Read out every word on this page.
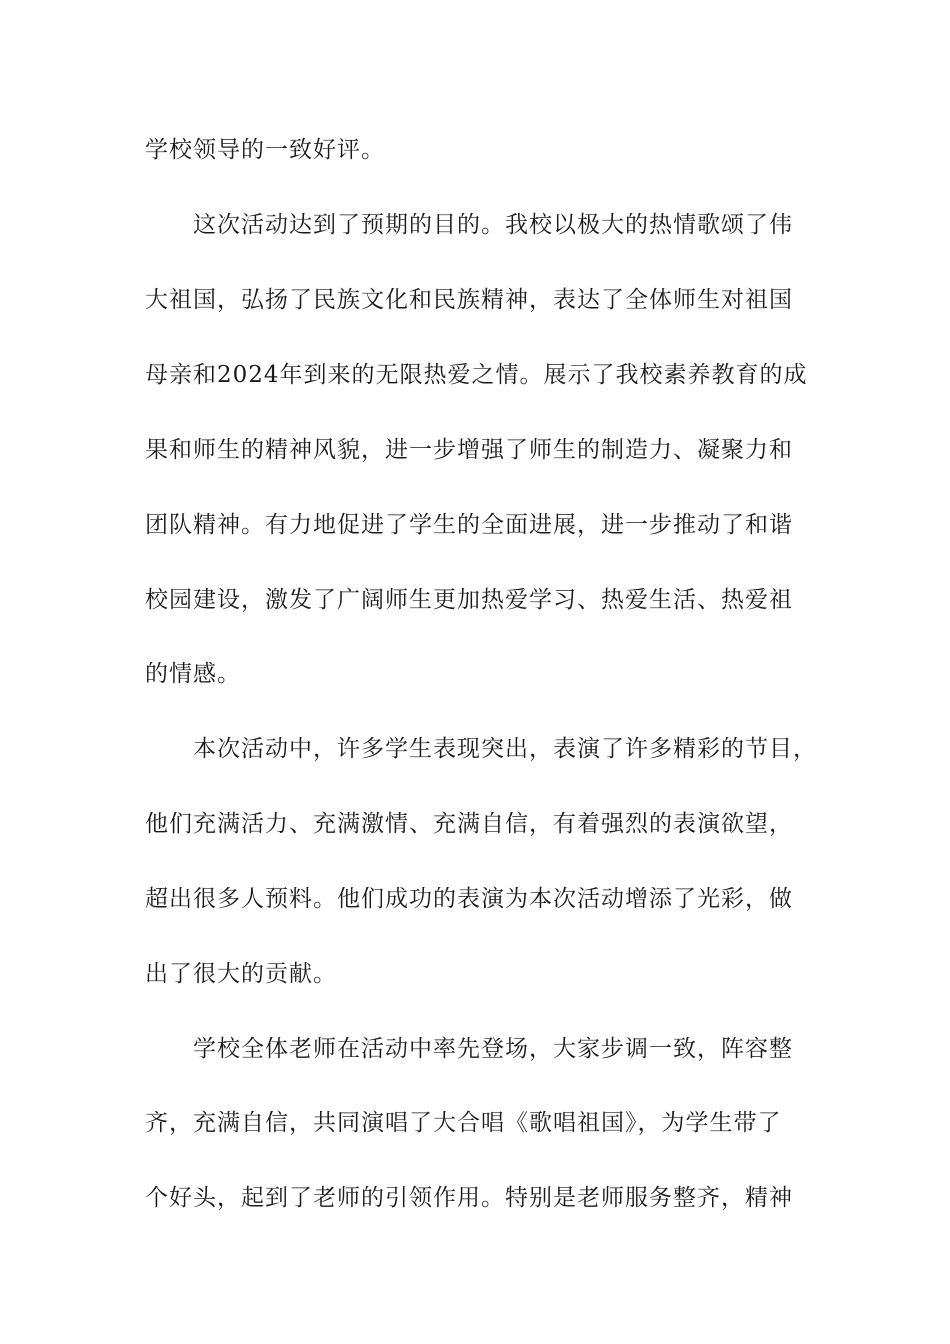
学校领导的一致好评。
这次活动达到了预期的目的。我校以极大的热情歌颂了伟
大祖国，弘扬了民族文化和民族精神，表达了全体师生对祖国
母亲和2024年到来的无限热爱之情。展示了我校素养教育的成
果和师生的精神风貌，进一步增强了师生的制造力、凝聚力和
团队精神。有力地促进了学生的全面进展，进一步推动了和谐
校园建设，激发了广阔师生更加热爱学习、热爱生活、热爱祖
的情感。
本次活动中，许多学生表现突出，表演了许多精彩的节目，
他们充满活力、充满激情、充满自信，有着强烈的表演欲望，
超出很多人预料。他们成功的表演为本次活动增添了光彩，做
出了很大的贡献。
学校全体老师在活动中率先登场，大家步调一致，阵容整
齐，充满自信，共同演唱了大合唱《歌唱祖国》，为学生带了
个好头，起到了老师的引领作用。特别是老师服务整齐，精神
